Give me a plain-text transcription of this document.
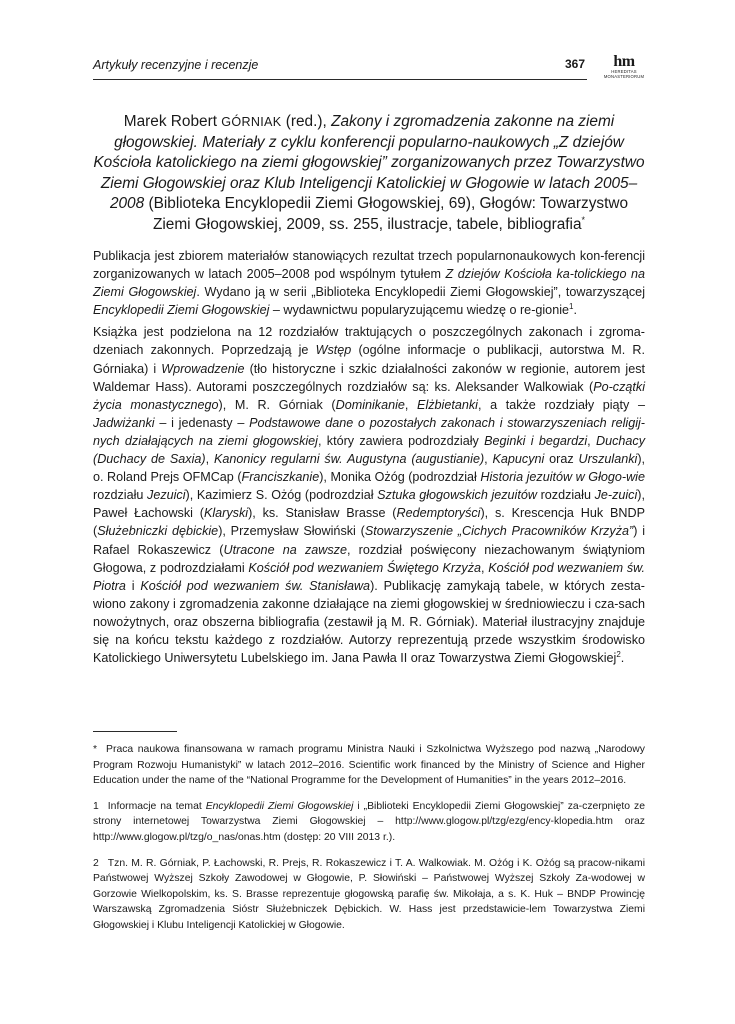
Artykuły recenzyjne i recenzje	367	hm
HEREDITAS
MONASTERIORUM
Marek Robert GÓRNIAK (red.), Zakony i zgromadzenia zakonne na ziemi głogowskiej. Materiały z cyklu konferencji popularno-naukowych „Z dziejów Kościoła katolickiego na ziemi głogowskiej” zorganizowanych przez Towarzystwo Ziemi Głogowskiej oraz Klub Inteligencji Katolickiej w Głogowie w latach 2005–2008 (Biblioteka Encyklopedii Ziemi Głogowskiej, 69), Głogów: Towarzystwo Ziemi Głogowskiej, 2009, ss. 255, ilustracje, tabele, bibliografia*

Publikacja jest zbiorem materiałów stanowiących rezultat trzech popularnonaukowych kon-ferencji zorganizowanych w latach 2005–2008 pod wspólnym tytułem Z dziejów Kościoła ka-tolickiego na Ziemi Głogowskiej. Wydano ją w serii „Biblioteka Encyklopedii Ziemi Głogowskiej”, towarzyszącej Encyklopedii Ziemi Głogowskiej – wydawnictwu popularyzującemu wiedzę o re-gionie$^1$.

Książka jest podzielona na 12 rozdziałów traktujących o poszczególnych zakonach i zgroma-dzeniach zakonnych. Poprzedzają je Wstęp (ogólne informacje o publikacji, autorstwa M. R. Górniaka) i Wprowadzenie (tło historyczne i szkic działalności zakonów w regionie, autorem jest Waldemar Hass). Autorami poszczególnych rozdziałów są: ks. Aleksander Walkowiak (Po-czątki życia monastycznego), M. R. Górniak (Dominikanie, Elżbietanki, a także rozdziały piąty – Jadwiżanki – i jedenasty – Podstawowe dane o pozostałych zakonach i stowarzyszeniach religij-nych działających na ziemi głogowskiej, który zawiera podrozdziały Beginki i begardzi, Duchacy (Duchacy de Saxia), Kanonicy regularni św. Augustyna (augustianie), Kapucyni oraz Urszulanki), o. Roland Prejs OFMCap (Franciszkanie), Monika Ożóg (podrozdział Historia jezuitów w Głogo-wie rozdziału Jezuici), Kazimierz S. Ożóg (podrozdział Sztuka głogowskich jezuitów rozdziału Je-zuici), Paweł Łachowski (Klaryski), ks. Stanisław Brasse (Redemptoryści), s. Krescencja Huk BNDP (Służebniczki dębickie), Przemysław Słowiński (Stowarzyszenie „Cichych Pracowników Krzyża”) i Rafael Rokaszewicz (Utracone na zawsze, rozdział poświęcony niezachowanym świątyniom Głogowa, z podrozdziałami Kościół pod wezwaniem Świętego Krzyża, Kościół pod wezwaniem św. Piotra i Kościół pod wezwaniem św. Stanisława). Publikację zamykają tabele, w których zesta-wiono zakony i zgromadzenia zakonne działające na ziemi głogowskiej w średniowieczu i cza-sach nowożytnych, oraz obszerna bibliografia (zestawił ją M. R. Górniak). Materiał ilustracyjny znajduje się na końcu tekstu każdego z rozdziałów. Autorzy reprezentują przede wszystkim środowisko Katolickiego Uniwersytetu Lubelskiego im. Jana Pawła II oraz Towarzystwa Ziemi Głogowskiej$^2$.

* Praca naukowa finansowana w ramach programu Ministra Nauki i Szkolnictwa Wyższego pod nazwą „Narodowy Program Rozwoju Humanistyki” w latach 2012–2016. Scientific work financed by the Ministry of Science and Higher Education under the name of the “National Programme for the Development of Humanities” in the years 2012–2016.

1 Informacje na temat Encyklopedii Ziemi Głogowskiej i „Biblioteki Encyklopedii Ziemi Głogowskiej” za-czerpnięto ze strony internetowej Towarzystwa Ziemi Głogowskiej – http://www.glogow.pl/tzg/ezg/ency-klopedia.htm oraz http://www.glogow.pl/tzg/o_nas/onas.htm (dostęp: 20 VIII 2013 r.).

2 Tzn. M. R. Górniak, P. Łachowski, R. Prejs, R. Rokaszewicz i T. A. Walkowiak. M. Ożóg i K. Ożóg są pracow-nikami Państwowej Wyższej Szkoły Zawodowej w Głogowie, P. Słowiński – Państwowej Wyższej Szkoły Za-wodowej w Gorzowie Wielkopolskim, ks. S. Brasse reprezentuje głogowską parafię św. Mikołaja, a s. K. Huk – BNDP Prowincję Warszawską Zgromadzenia Sióstr Służebniczek Dębickich. W. Hass jest przedstawicie-lem Towarzystwa Ziemi Głogowskiej i Klubu Inteligencji Katolickiej w Głogowie.
